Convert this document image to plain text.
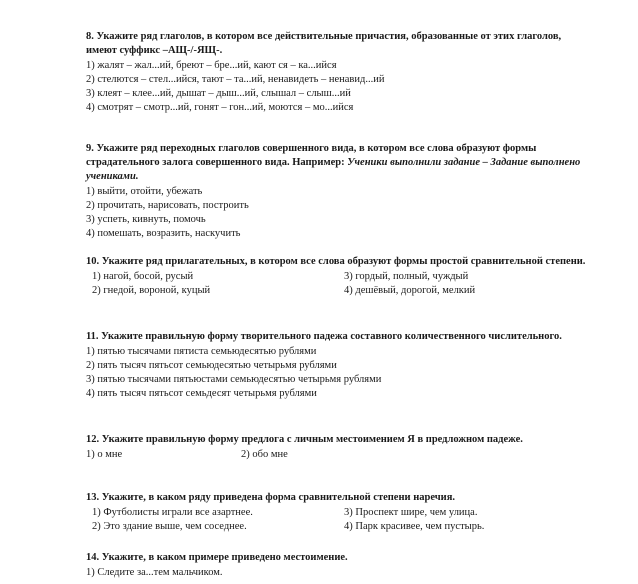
8. Укажите ряд глаголов, в котором все действительные причастия, образованные от этих глаголов, имеют суффикс –АЩ-/-ЯЩ-.

1) жалят – жал...ий, бреют – бре...ий, кают ся – ка...ийся

2) стелются – стел...ийся, тают – та...ий, ненавидеть – ненавид...ий

3) клеят – клее...ий, дышат – дыш...ий, слышал – слыш...ий

4) смотрят – смотр...ий, гонят – гон...ий, моются – мо...ийся

9. Укажите ряд переходных глаголов совершенного вида, в котором все слова образуют формы страдательного залога совершенного вида. Например: Ученики выполнили задание – Задание выполнено учениками.

1) выйти, отойти, убежать

2) прочитать, нарисовать, построить

3) успеть, кивнуть, помочь

4) помешать, возразить, наскучить

10. Укажите ряд прилагательных, в котором все слова образуют формы простой сравнительной степени.

1) нагой, босой, русый	3) гордый, полный, чуждый

2) гнедой, вороной, куцый	4) дешёвый, дорогой, мелкий

11. Укажите правильную форму творительного падежа составного количественного числительного.

1) пятью тысячами пятиста семьюдесятью рублями

2) пять тысяч пятьсот семьюдесятью четырьмя рублями

3) пятью тысячами пятьюстами семьюдесятью четырьмя рублями

4) пять тысяч пятьсот семьдесят четырьмя рублями

12. Укажите правильную форму предлога с личным местоимением Я в предложном падеже.

1) о мне	2) обо мне

13. Укажите, в каком ряду приведена форма сравнительной степени наречия.

1) Футболисты играли все азартнее.	3) Проспект шире, чем улица.

2) Это здание выше, чем соседнее.	4) Парк красивее, чем пустырь.

14. Укажите, в каком примере приведено местоимение.

1) Следите за...тем мальчиком.
